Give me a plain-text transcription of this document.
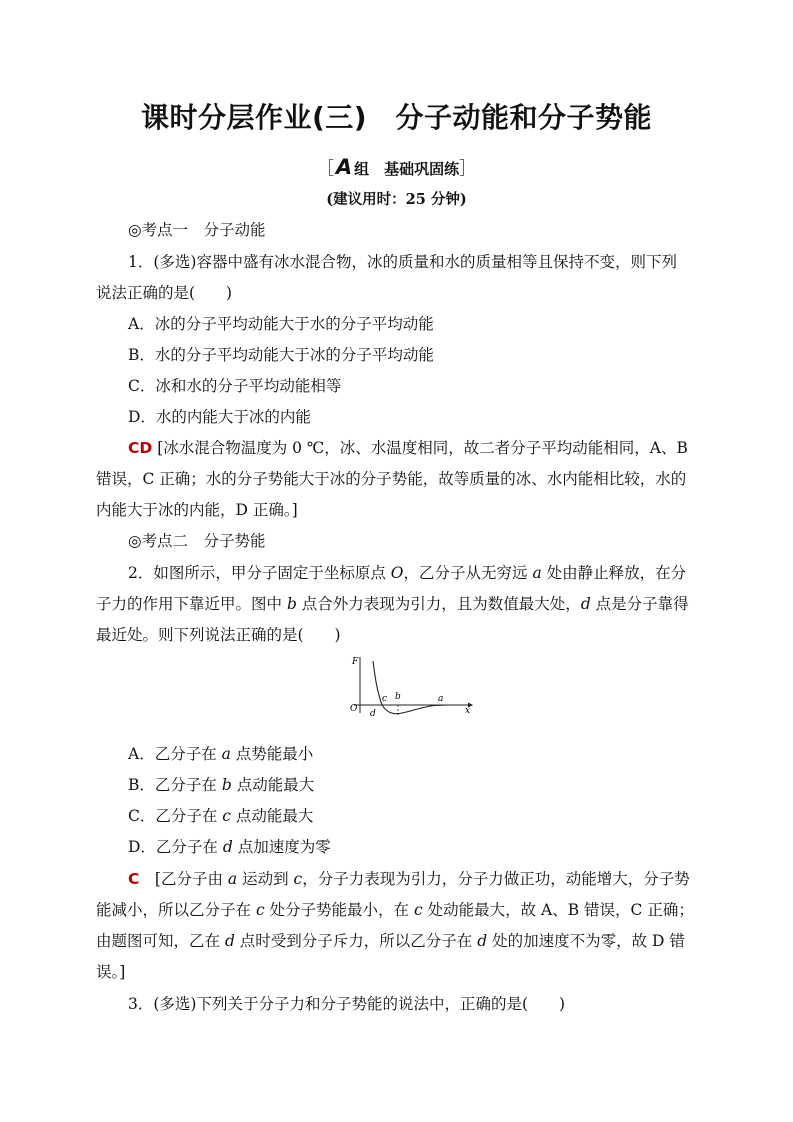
课时分层作业(三)　分子动能和分子势能
［A 组　基础巩固练］
(建议用时：25 分钟)
◎考点一　分子动能
1．(多选)容器中盛有冰水混合物，冰的质量和水的质量相等且保持不变，则下列
说法正确的是(　　)
A．冰的分子平均动能大于水的分子平均动能
B．水的分子平均动能大于冰的分子平均动能
C．冰和水的分子平均动能相等
D．水的内能大于冰的内能
CD [冰水混合物温度为 0 ℃，冰、水温度相同，故二者分子平均动能相同，A、B
错误，C 正确；水的分子势能大于冰的分子势能，故等质量的冰、水内能相比较，水的
内能大于冰的内能，D 正确。]
◎考点二　分子势能
2．如图所示，甲分子固定于坐标原点 O，乙分子从无穷远 a 处由静止释放，在分
子力的作用下靠近甲。图中 b 点合外力表现为引力，且为数值最大处，d 点是分子靠得
最近处。则下列说法正确的是(　　)
F
O	x
a
b
c
d
A．乙分子在 a 点势能最小
B．乙分子在 b 点动能最大
C．乙分子在 c 点动能最大
D．乙分子在 d 点加速度为零
C　 [乙分子由 a 运动到 c，分子力表现为引力，分子力做正功，动能增大，分子势
能减小，所以乙分子在 c 处分子势能最小，在 c 处动能最大，故 A、B 错误，C 正确；
由题图可知，乙在 d 点时受到分子斥力，所以乙分子在 d 处的加速度不为零，故 D 错
误。]
3．(多选)下列关于分子力和分子势能的说法中，正确的是(　　)
